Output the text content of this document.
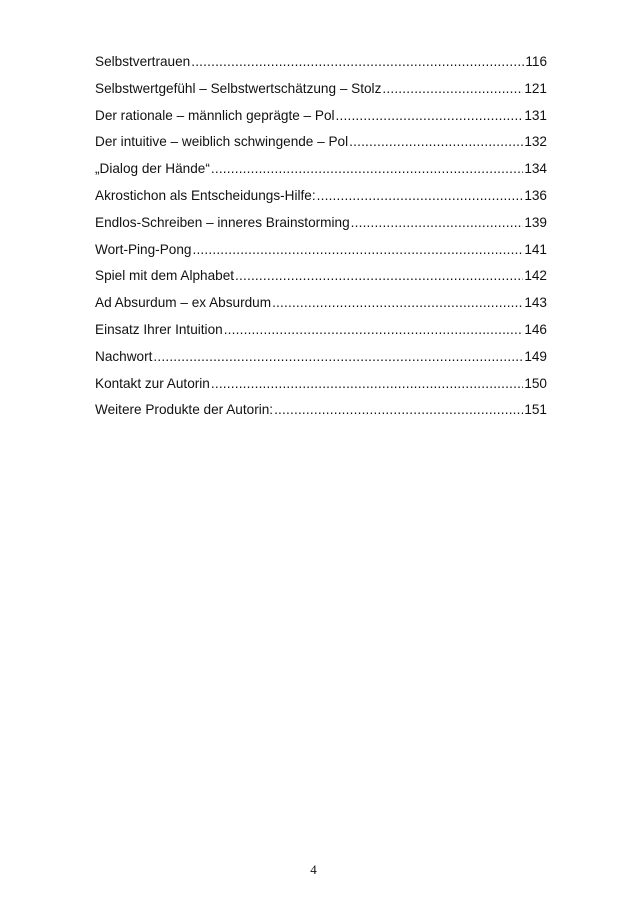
Selbstvertrauen .....	116
Selbstwertgefühl – Selbstwertschätzung – Stolz .....	121
Der rationale – männlich geprägte – Pol .....	131
Der intuitive – weiblich schwingende – Pol .....	132
„Dialog der Hände“ .....	134
Akrostichon als Entscheidungs-Hilfe: .....	136
Endlos-Schreiben – inneres Brainstorming .....	139
Wort-Ping-Pong .....	141
Spiel mit dem Alphabet .....	142
Ad Absurdum – ex Absurdum .....	143
Einsatz Ihrer Intuition .....	146
Nachwort .....	149
Kontakt zur Autorin .....	150
Weitere Produkte der Autorin: .....	151
4
